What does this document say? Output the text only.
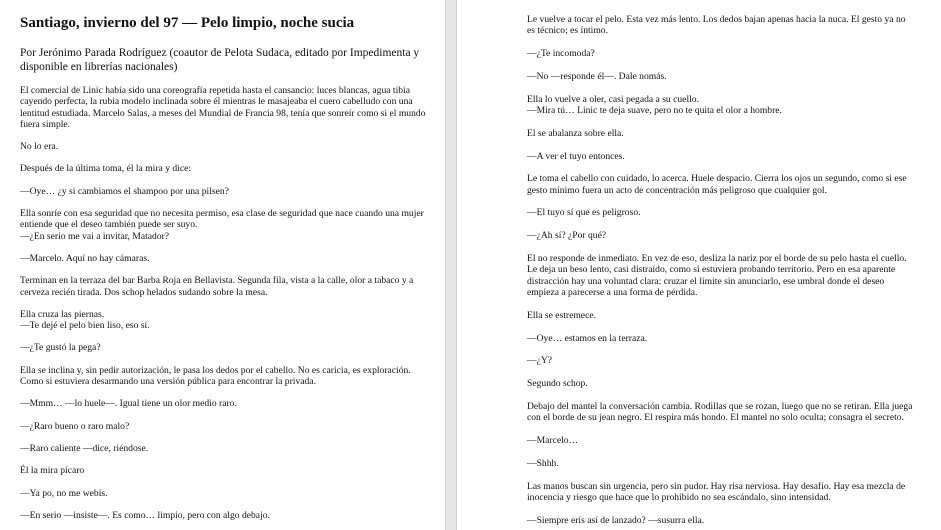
Santiago, invierno del 97 — Pelo limpio, noche sucia
Por Jerónimo Parada Rodríguez (coautor de Pelota Sudaca, editado por Impedimenta y disponible en librerías nacionales)

El comercial de Linic había sido una coreografía repetida hasta el cansancio: luces blancas, agua tibia cayendo perfecta, la rubia modelo inclinada sobre él mientras le masajeaba el cuero cabelludo con una lentitud estudiada. Marcelo Salas, a meses del Mundial de Francia 98, tenía que sonreír como si el mundo fuera simple.

No lo era.

Después de la última toma, él la mira y dice:

—Oye… ¿y si cambiamos el shampoo por una pilsen?

Ella sonríe con esa seguridad que no necesita permiso, esa clase de seguridad que nace cuando una mujer entiende que el deseo también puede ser suyo.
—¿En serio me vai a invitar, Matador?

—Marcelo. Aquí no hay cámaras.

Terminan en la terraza del bar Barba Roja en Bellavista. Segunda fila, vista a la calle, olor a tabaco y a cerveza recién tirada. Dos schop helados sudando sobre la mesa.

Ella cruza las piernas.
—Te dejé el pelo bien liso, eso sí.

—¿Te gustó la pega?

Ella se inclina y, sin pedir autorización, le pasa los dedos por el cabello. No es caricia, es exploración. Como si estuviera desarmando una versión pública para encontrar la privada.

—Mmm… —lo huele—. Igual tiene un olor medio raro.

—¿Raro bueno o raro malo?

—Raro caliente —dice, riéndose.

Él la mira pícaro

—Ya po, no me webís.

—En serio —insiste—. Es como… limpio, pero con algo debajo.

Le vuelve a tocar el pelo. Esta vez más lento. Los dedos bajan apenas hacia la nuca. El gesto ya no es técnico; es íntimo.

—¿Te incomoda?

—No —responde él—. Dale nomás.

Ella lo vuelve a oler, casi pegada a su cuello.
—Mira tú… Linic te deja suave, pero no te quita el olor a hombre.

El se abalanza sobre ella.

—A ver el tuyo entonces.

Le toma el cabello con cuidado, lo acerca. Huele despacio. Cierra los ojos un segundo, como si ese gesto mínimo fuera un acto de concentración más peligroso que cualquier gol.

—El tuyo sí que es peligroso.

—¿Ah sí? ¿Por qué?

El no responde de inmediato. En vez de eso, desliza la nariz por el borde de su pelo hasta el cuello. Le deja un beso lento, casi distraído, como si estuviera probando territorio. Pero en esa aparente distracción hay una voluntad clara: cruzar el límite sin anunciarlo, ese umbral donde el deseo empieza a parecerse a una forma de pérdida.

Ella se estremece.

—Oye… estamos en la terraza.

—¿Y?

Segundo schop.

Debajo del mantel la conversación cambia. Rodillas que se rozan, luego que no se retiran. Ella juega con el borde de su jean negro. El respira más hondo. El mantel no solo oculta; consagra el secreto.

—Marcelo…

—Shhh.

Las manos buscan sin urgencia, pero sin pudor. Hay risa nerviosa. Hay desafío. Hay esa mezcla de inocencia y riesgo que hace que lo prohibido no sea escándalo, sino intensidad.

—Siempre erís así de lanzado? —susurra ella.
